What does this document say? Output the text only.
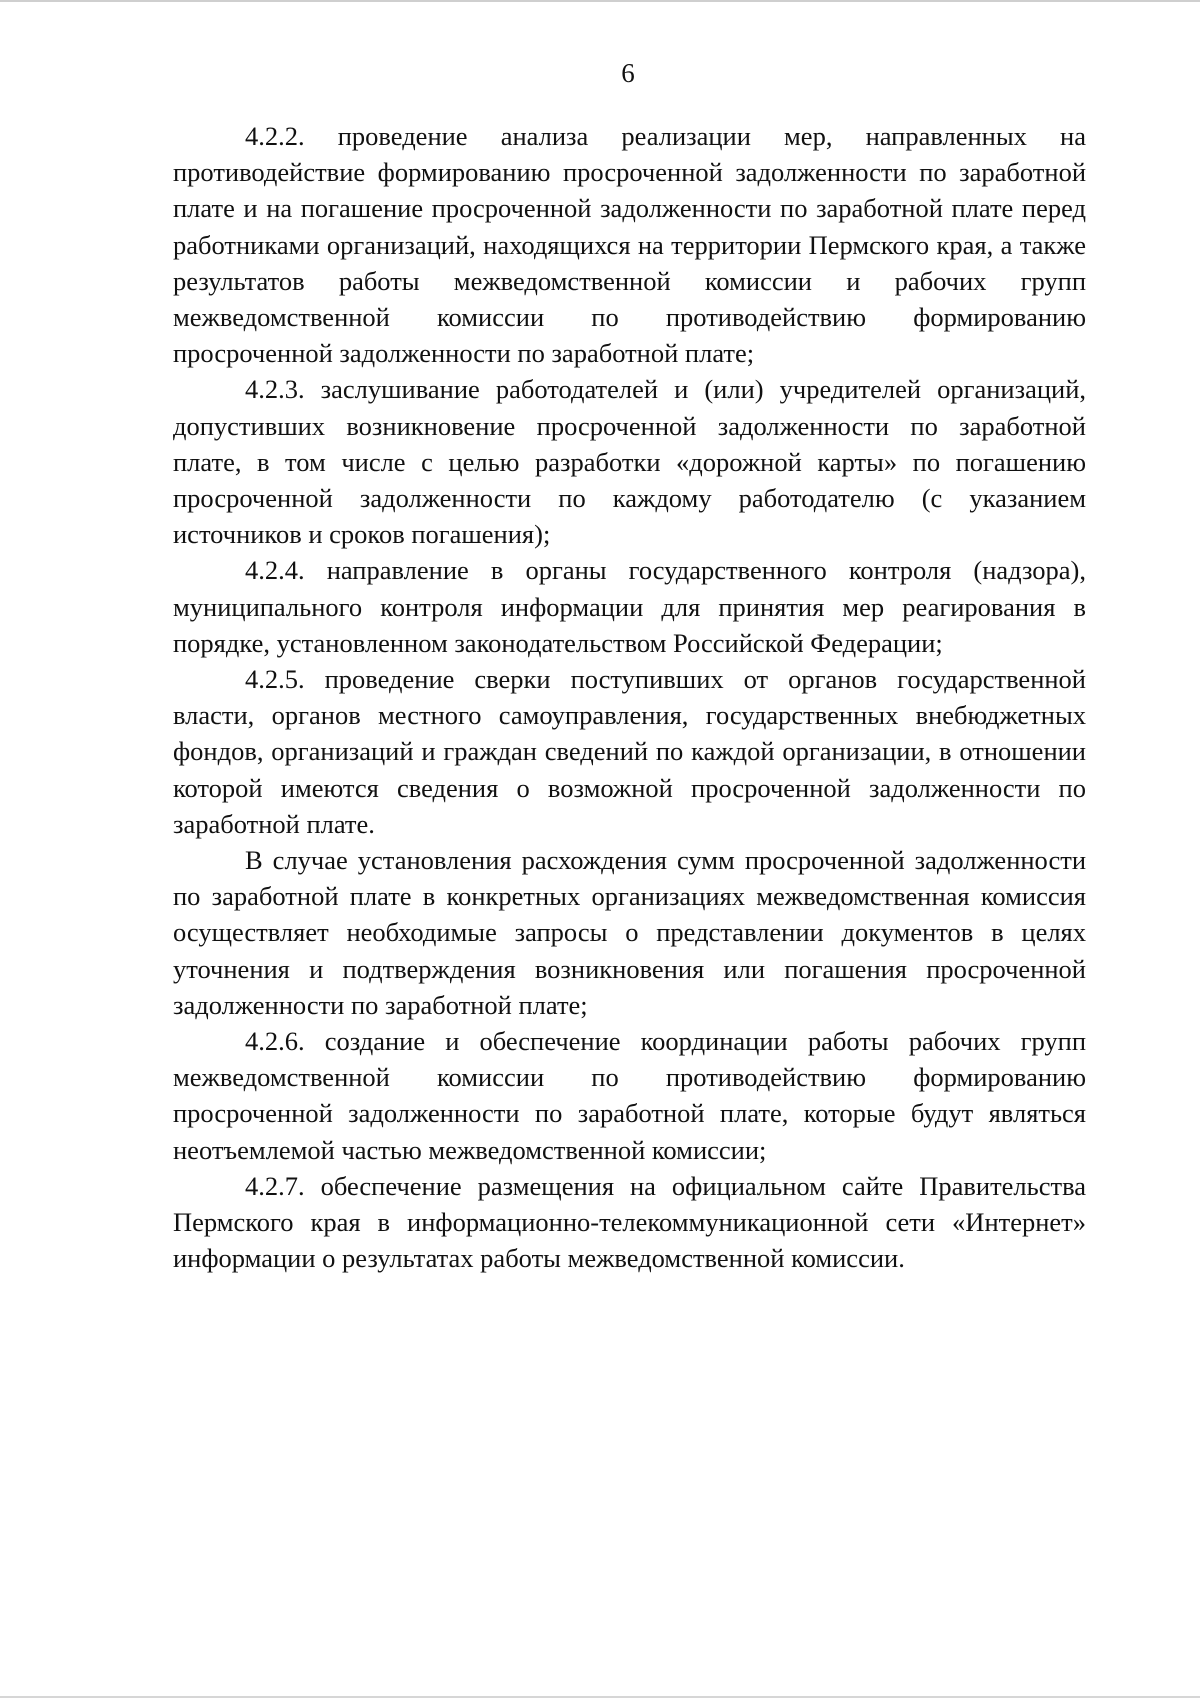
6

4.2.2. проведение анализа реализации мер, направленных на противодействие формированию просроченной задолженности по заработной плате и на погашение просроченной задолженности по заработной плате перед работниками организаций, находящихся на территории Пермского края, а также результатов работы межведомственной комиссии и рабочих групп межведомственной комиссии по противодействию формированию просроченной задолженности по заработной плате;

4.2.3. заслушивание работодателей и (или) учредителей организаций, допустивших возникновение просроченной задолженности по заработной плате, в том числе с целью разработки «дорожной карты» по погашению просроченной задолженности по каждому работодателю (с указанием источников и сроков погашения);

4.2.4. направление в органы государственного контроля (надзора), муниципального контроля информации для принятия мер реагирования в порядке, установленном законодательством Российской Федерации;

4.2.5. проведение сверки поступивших от органов государственной власти, органов местного самоуправления, государственных внебюджетных фондов, организаций и граждан сведений по каждой организации, в отношении которой имеются сведения о возможной просроченной задолженности по заработной плате.

В случае установления расхождения сумм просроченной задолженности по заработной плате в конкретных организациях межведомственная комиссия осуществляет необходимые запросы о представлении документов в целях уточнения и подтверждения возникновения или погашения просроченной задолженности по заработной плате;

4.2.6. создание и обеспечение координации работы рабочих групп межведомственной комиссии по противодействию формированию просроченной задолженности по заработной плате, которые будут являться неотъемлемой частью межведомственной комиссии;

4.2.7. обеспечение размещения на официальном сайте Правительства Пермского края в информационно-телекоммуникационной сети «Интернет» информации о результатах работы межведомственной комиссии.
